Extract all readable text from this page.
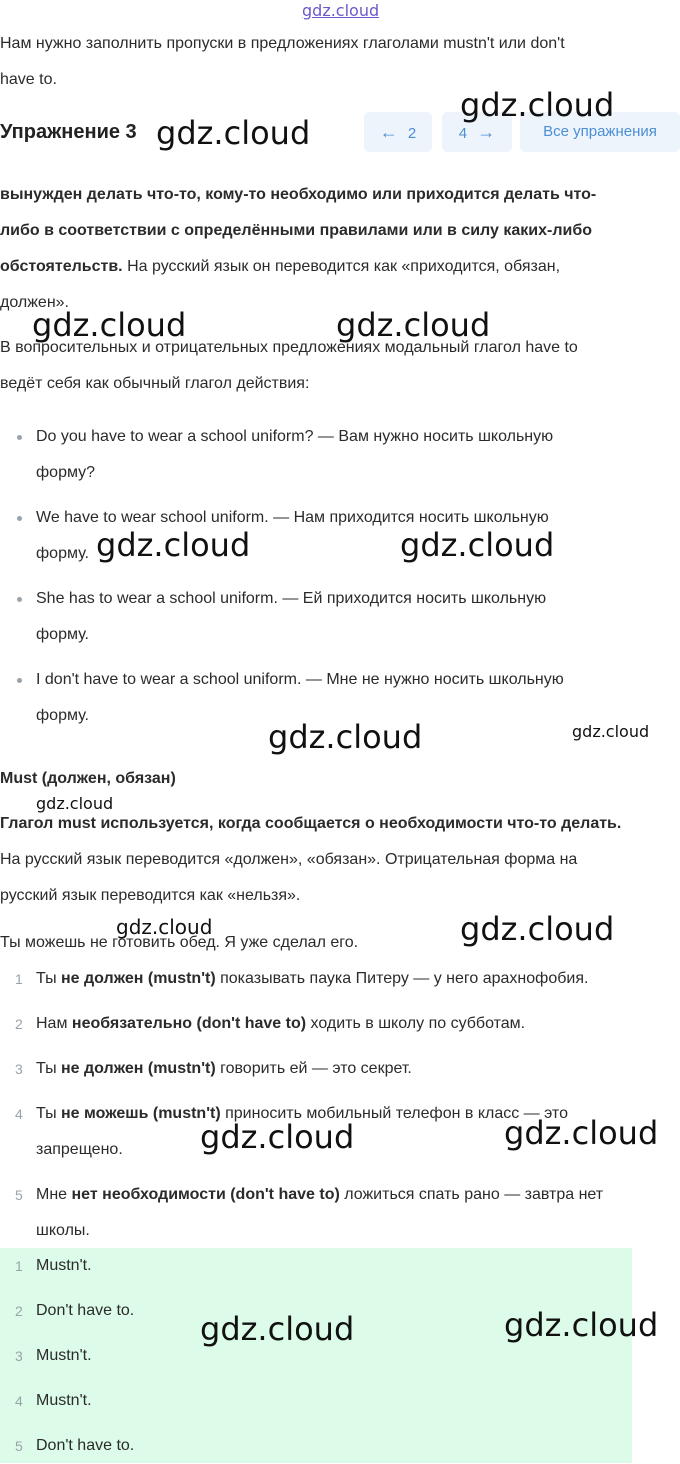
gdz.cloud
Нам нужно заполнить пропуски в предложениях глаголами mustn't или don't
have to.
Упражнение 3	← 2	4 →	Все упражнения
вынужден делать что-то, кому-то необходимо или приходится делать что-
либо в соответствии с определёнными правилами или в силу каких-либо
обстоятельств. На русский язык он переводится как «приходится, обязан,
должен».
В вопросительных и отрицательных предложениях модальный глагол have to
ведёт себя как обычный глагол действия:
Do you have to wear a school uniform? — Вам нужно носить школьную
форму?
We have to wear school uniform. — Нам приходится носить школьную
форму.
She has to wear a school uniform. — Ей приходится носить школьную
форму.
I don't have to wear a school uniform. — Мне не нужно носить школьную
форму.
Must (должен, обязан)
Глагол must используется, когда сообщается о необходимости что-то делать.
На русский язык переводится «должен», «обязан». Отрицательная форма на
русский язык переводится как «нельзя».
Ты можешь не готовить обед. Я уже сделал его.
1 Ты не должен (mustn't) показывать паука Питеру — у него арахнофобия.
2 Нам необязательно (don't have to) ходить в школу по субботам.
3 Ты не должен (mustn't) говорить ей — это секрет.
4 Ты не можешь (mustn't) приносить мобильный телефон в класс — это
запрещено.
5 Мне нет необходимости (don't have to) ложиться спать рано — завтра нет
школы.
1 Mustn't.
2 Don't have to.
3 Mustn't.
4 Mustn't.
5 Don't have to.
gdz.cloud
gdz.cloud
gdz.cloud	gdz.cloud
gdz.cloud	gdz.cloud
gdz.cloud	gdz.cloud
gdz.cloud
gdz.cloud
gdz.cloud
gdz.cloud	gdz.cloud
gdz.cloud	gdz.cloud
